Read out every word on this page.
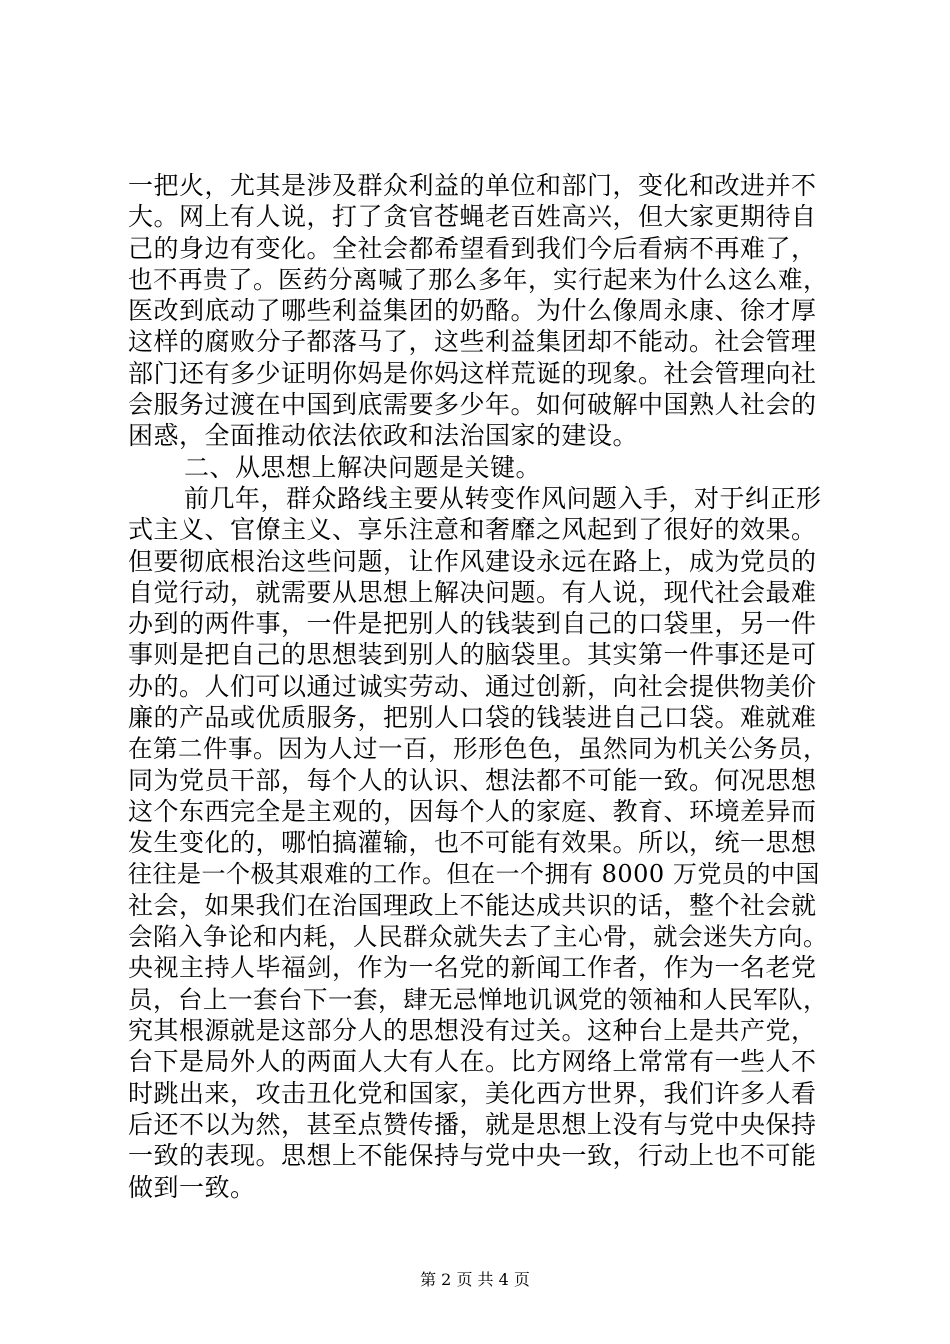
一把火，尤其是涉及群众利益的单位和部门，变化和改进并不
大。网上有人说，打了贪官苍蝇老百姓高兴，但大家更期待自
己的身边有变化。全社会都希望看到我们今后看病不再难了，
也不再贵了。医药分离喊了那么多年，实行起来为什么这么难，
医改到底动了哪些利益集团的奶酪。为什么像周永康、徐才厚
这样的腐败分子都落马了，这些利益集团却不能动。社会管理
部门还有多少证明你妈是你妈这样荒诞的现象。社会管理向社
会服务过渡在中国到底需要多少年。如何破解中国熟人社会的
困惑，全面推动依法依政和法治国家的建设。
二、从思想上解决问题是关键。
前几年，群众路线主要从转变作风问题入手，对于纠正形
式主义、官僚主义、享乐注意和奢靡之风起到了很好的效果。
但要彻底根治这些问题，让作风建设永远在路上，成为党员的
自觉行动，就需要从思想上解决问题。有人说，现代社会最难
办到的两件事，一件是把别人的钱装到自己的口袋里，另一件
事则是把自己的思想装到别人的脑袋里。其实第一件事还是可
办的。人们可以通过诚实劳动、通过创新，向社会提供物美价
廉的产品或优质服务，把别人口袋的钱装进自己口袋。难就难
在第二件事。因为人过一百，形形色色，虽然同为机关公务员，
同为党员干部，每个人的认识、想法都不可能一致。何况思想
这个东西完全是主观的，因每个人的家庭、教育、环境差异而
发生变化的，哪怕搞灌输，也不可能有效果。所以，统一思想
往往是一个极其艰难的工作。但在一个拥有 8000 万党员的中国
社会，如果我们在治国理政上不能达成共识的话，整个社会就
会陷入争论和内耗，人民群众就失去了主心骨，就会迷失方向。
央视主持人毕福剑，作为一名党的新闻工作者，作为一名老党
员，台上一套台下一套，肆无忌惮地讥讽党的领袖和人民军队，
究其根源就是这部分人的思想没有过关。这种台上是共产党，
台下是局外人的两面人大有人在。比方网络上常常有一些人不
时跳出来，攻击丑化党和国家，美化西方世界，我们许多人看
后还不以为然，甚至点赞传播，就是思想上没有与党中央保持
一致的表现。思想上不能保持与党中央一致，行动上也不可能
做到一致。
第 2 页 共 4 页
